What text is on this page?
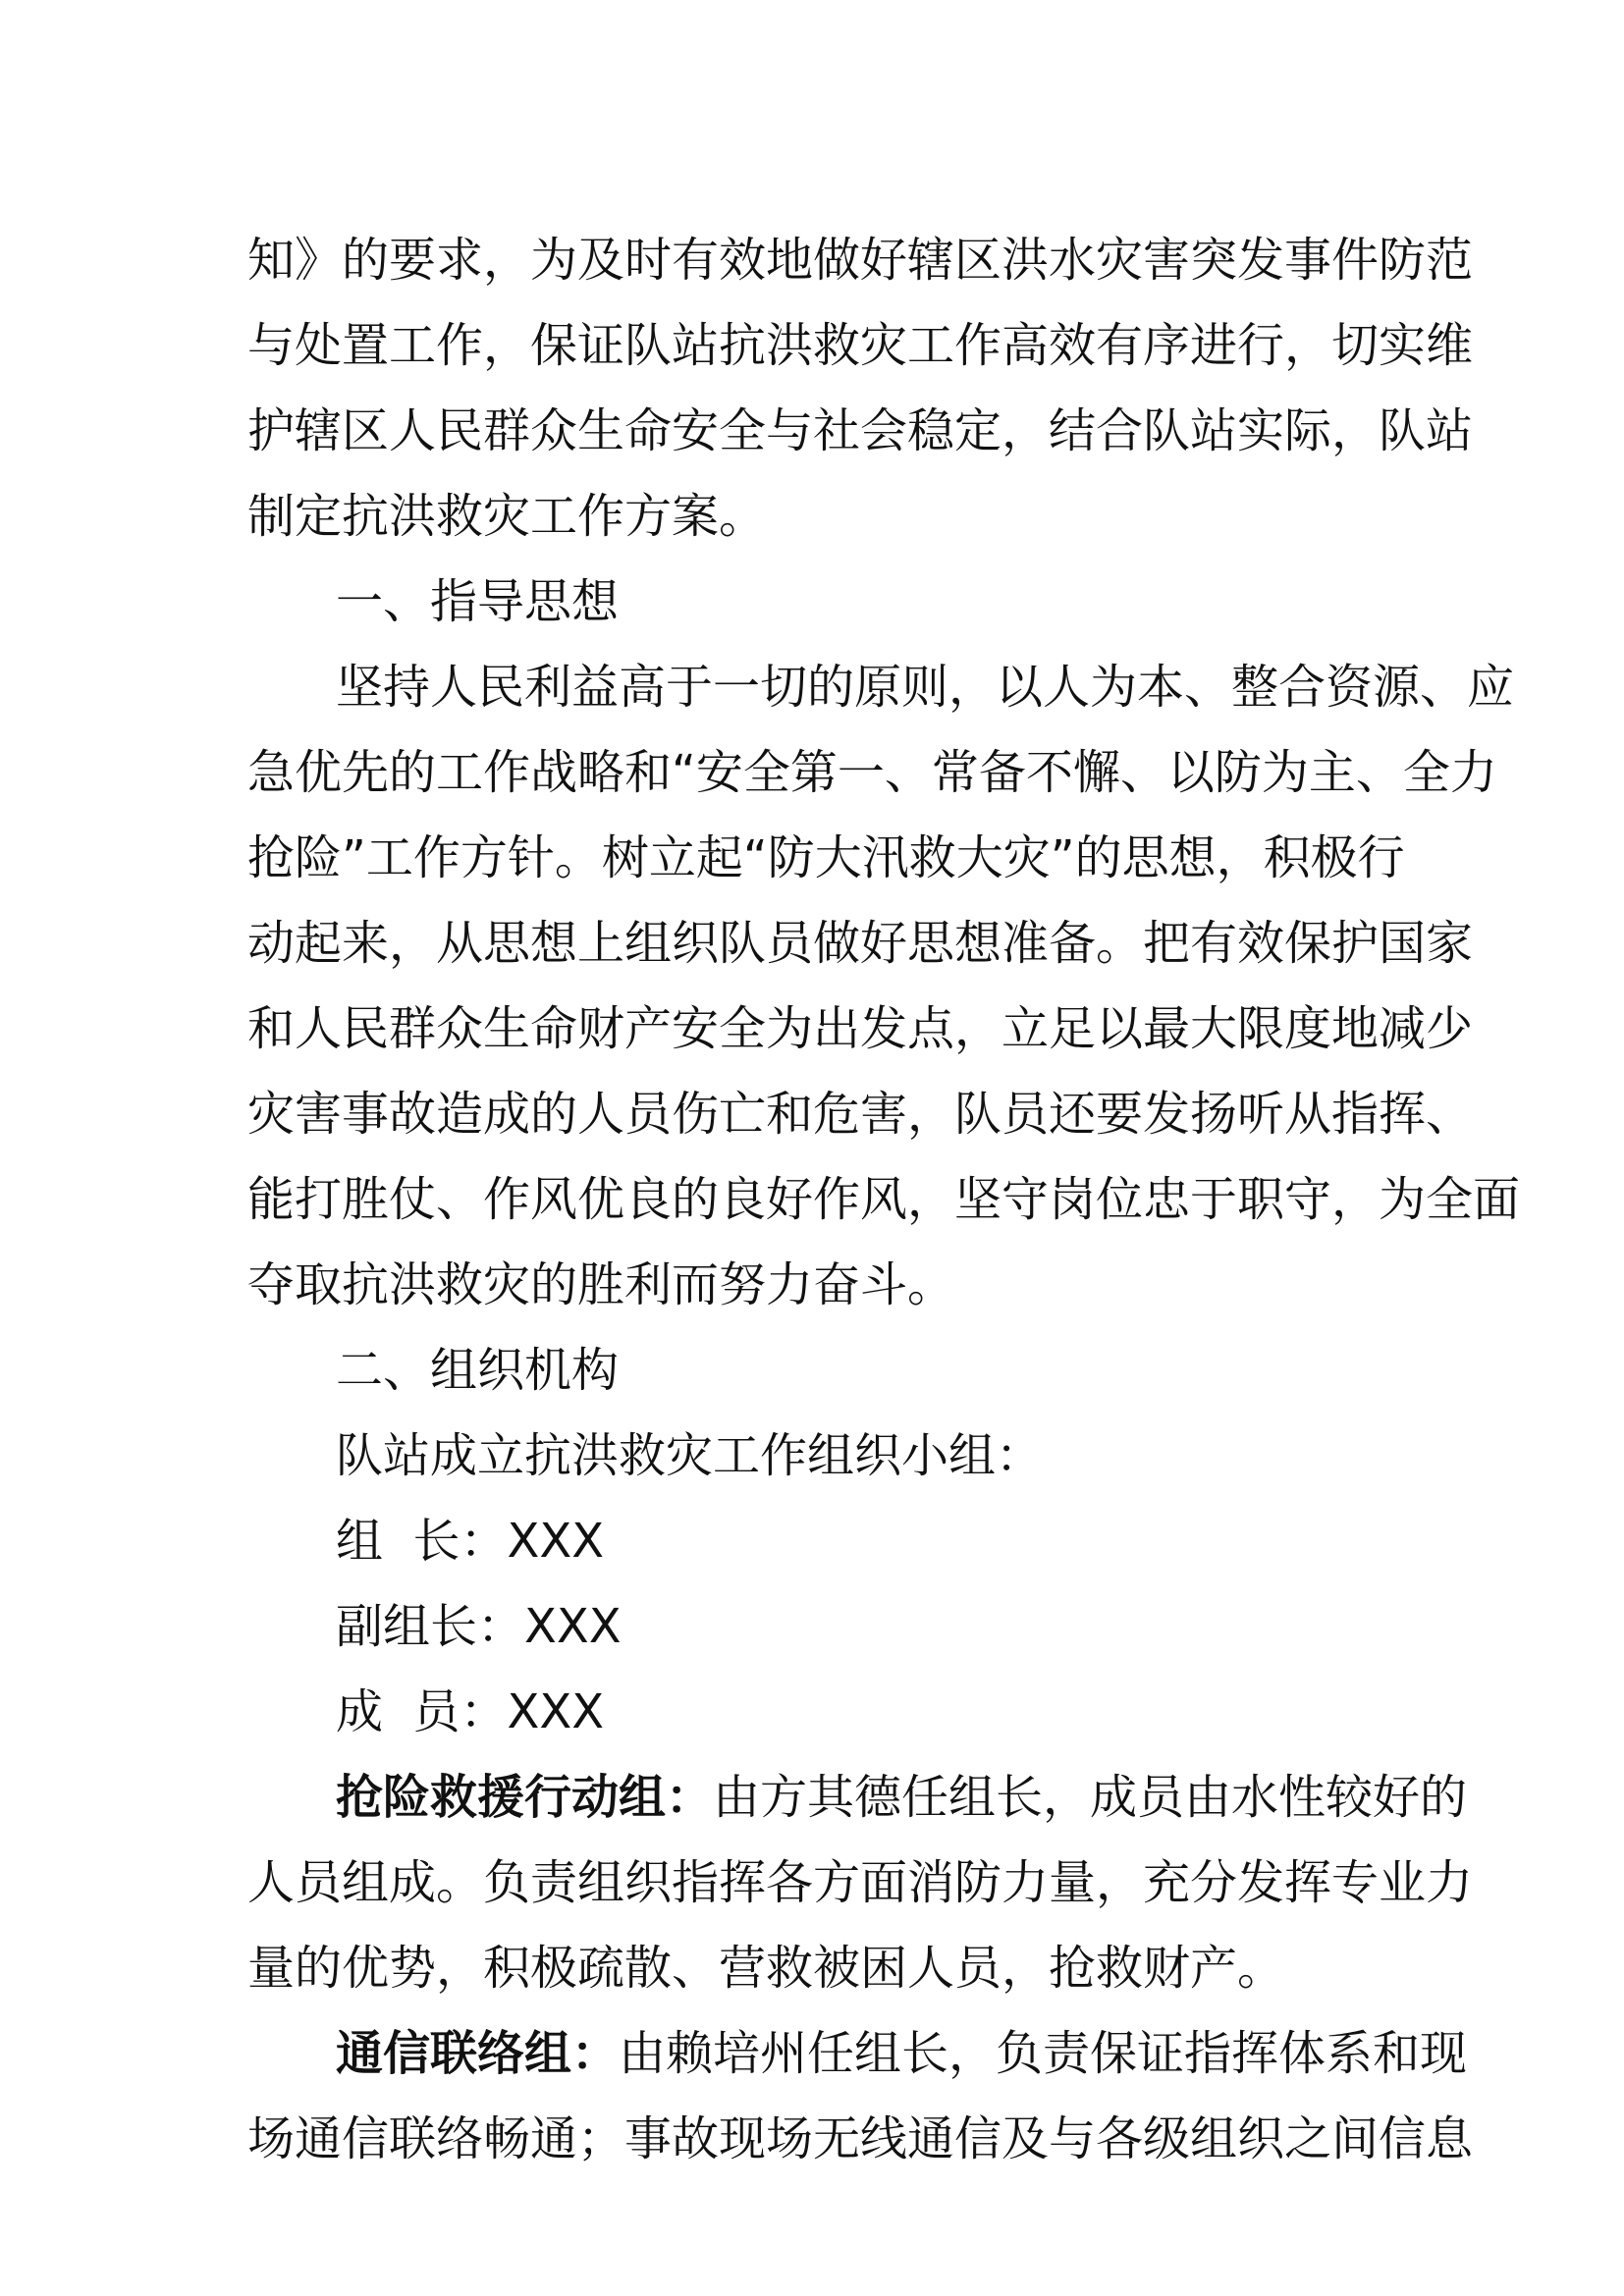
知》的要求，为及时有效地做好辖区洪水灾害突发事件防范
与处置工作，保证队站抗洪救灾工作高效有序进行，切实维
护辖区人民群众生命安全与社会稳定，结合队站实际，队站
制定抗洪救灾工作方案。
一、指导思想
坚持人民利益高于一切的原则，以人为本、整合资源、应
急优先的工作战略和“安全第一、常备不懈、以防为主、全力
抢险”工作方针。树立起“防大汛救大灾”的思想，积极行
动起来，从思想上组织队员做好思想准备。把有效保护国家
和人民群众生命财产安全为出发点，立足以最大限度地减少
灾害事故造成的人员伤亡和危害，队员还要发扬听从指挥、
能打胜仗、作风优良的良好作风，坚守岗位忠于职守，为全面
夺取抗洪救灾的胜利而努力奋斗。
二、组织机构
队站成立抗洪救灾工作组织小组：
组  长：XXX
副组长：XXX
成  员：XXX
抢险救援行动组：由方其德任组长，成员由水性较好的
人员组成。负责组织指挥各方面消防力量，充分发挥专业力
量的优势，积极疏散、营救被困人员，抢救财产。
通信联络组：由赖培州任组长，负责保证指挥体系和现
场通信联络畅通；事故现场无线通信及与各级组织之间信息
